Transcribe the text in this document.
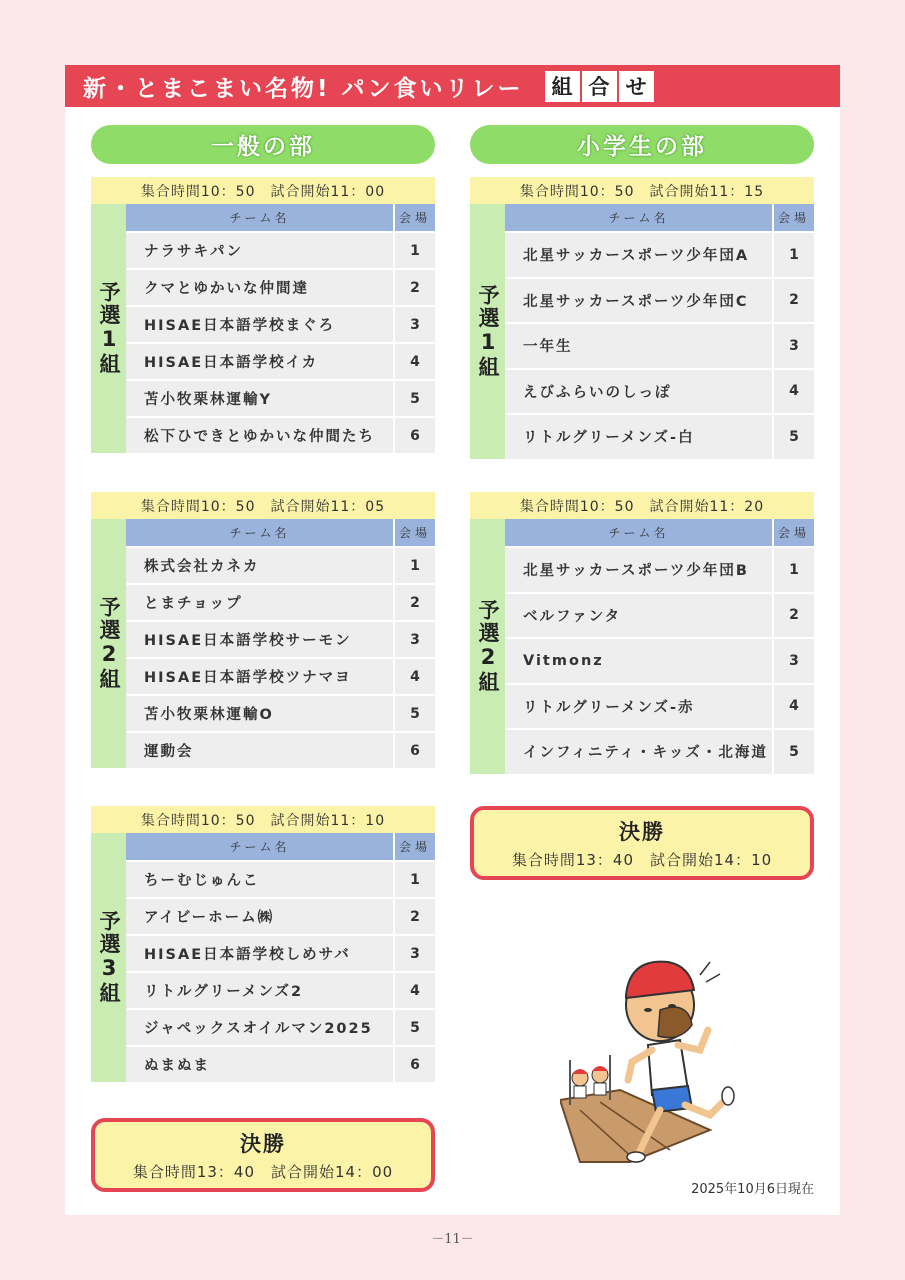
新・とまこまい名物! パン食いリレー	組 合 せ
一般の部
集合時間10：50　試合開始11：00
予選1組
チーム名	会場
ナラサキパン	1
クマとゆかいな仲間達	2
HISAE日本語学校まぐろ	3
HISAE日本語学校イカ	4
苫小牧栗林運輸Y	5
松下ひできとゆかいな仲間たち	6
集合時間10：50　試合開始11：05
予選2組
チーム名	会場
株式会社カネカ	1
とまチョップ	2
HISAE日本語学校サーモン	3
HISAE日本語学校ツナマヨ	4
苫小牧栗林運輸O	5
運動会	6
集合時間10：50　試合開始11：10
予選3組
チーム名	会場
ちーむじゅんこ	1
アイビーホーム㈱	2
HISAE日本語学校しめサバ	3
リトルグリーメンズ2	4
ジャペックスオイルマン2025	5
ぬまぬま	6
決勝
集合時間13：40　試合開始14：00
小学生の部
集合時間10：50　試合開始11：15
予選1組
チーム名	会場
北星サッカースポーツ少年団A	1
北星サッカースポーツ少年団C	2
一年生	3
えびふらいのしっぽ	4
リトルグリーメンズ-白	5
集合時間10：50　試合開始11：20
予選2組
チーム名	会場
北星サッカースポーツ少年団B	1
ベルファンタ	2
Vitmonz	3
リトルグリーメンズ-赤	4
インフィニティ・キッズ・北海道	5
決勝
集合時間13：40　試合開始14：10
2025年10月6日現在
－11－
